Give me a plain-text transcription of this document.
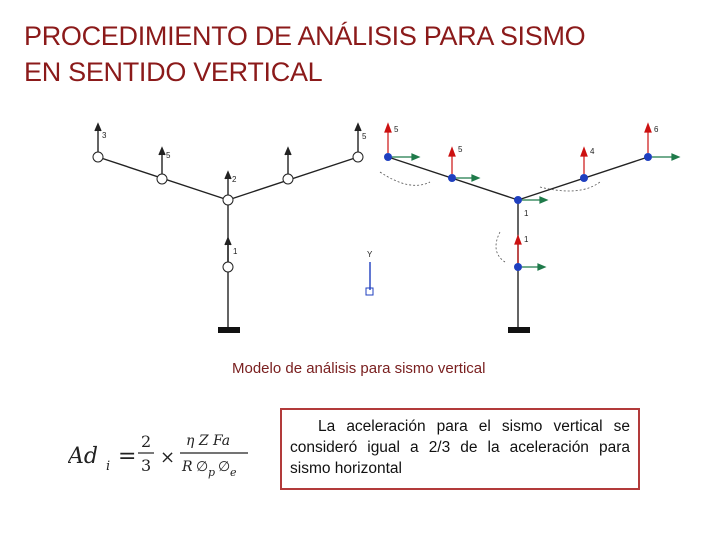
PROCEDIMIENTO DE ANÁLISIS PARA SISMO
EN SENTIDO VERTICAL
3
5
2
1	Y
5
5
5	4
6
1
1
Modelo de análisis para sismo vertical
Ad i =
2
3 ×
η Z Fa
R ∅ p ∅ e
La aceleración para el sismo vertical se consideró igual a 2/3 de la aceleración para sismo horizontal
